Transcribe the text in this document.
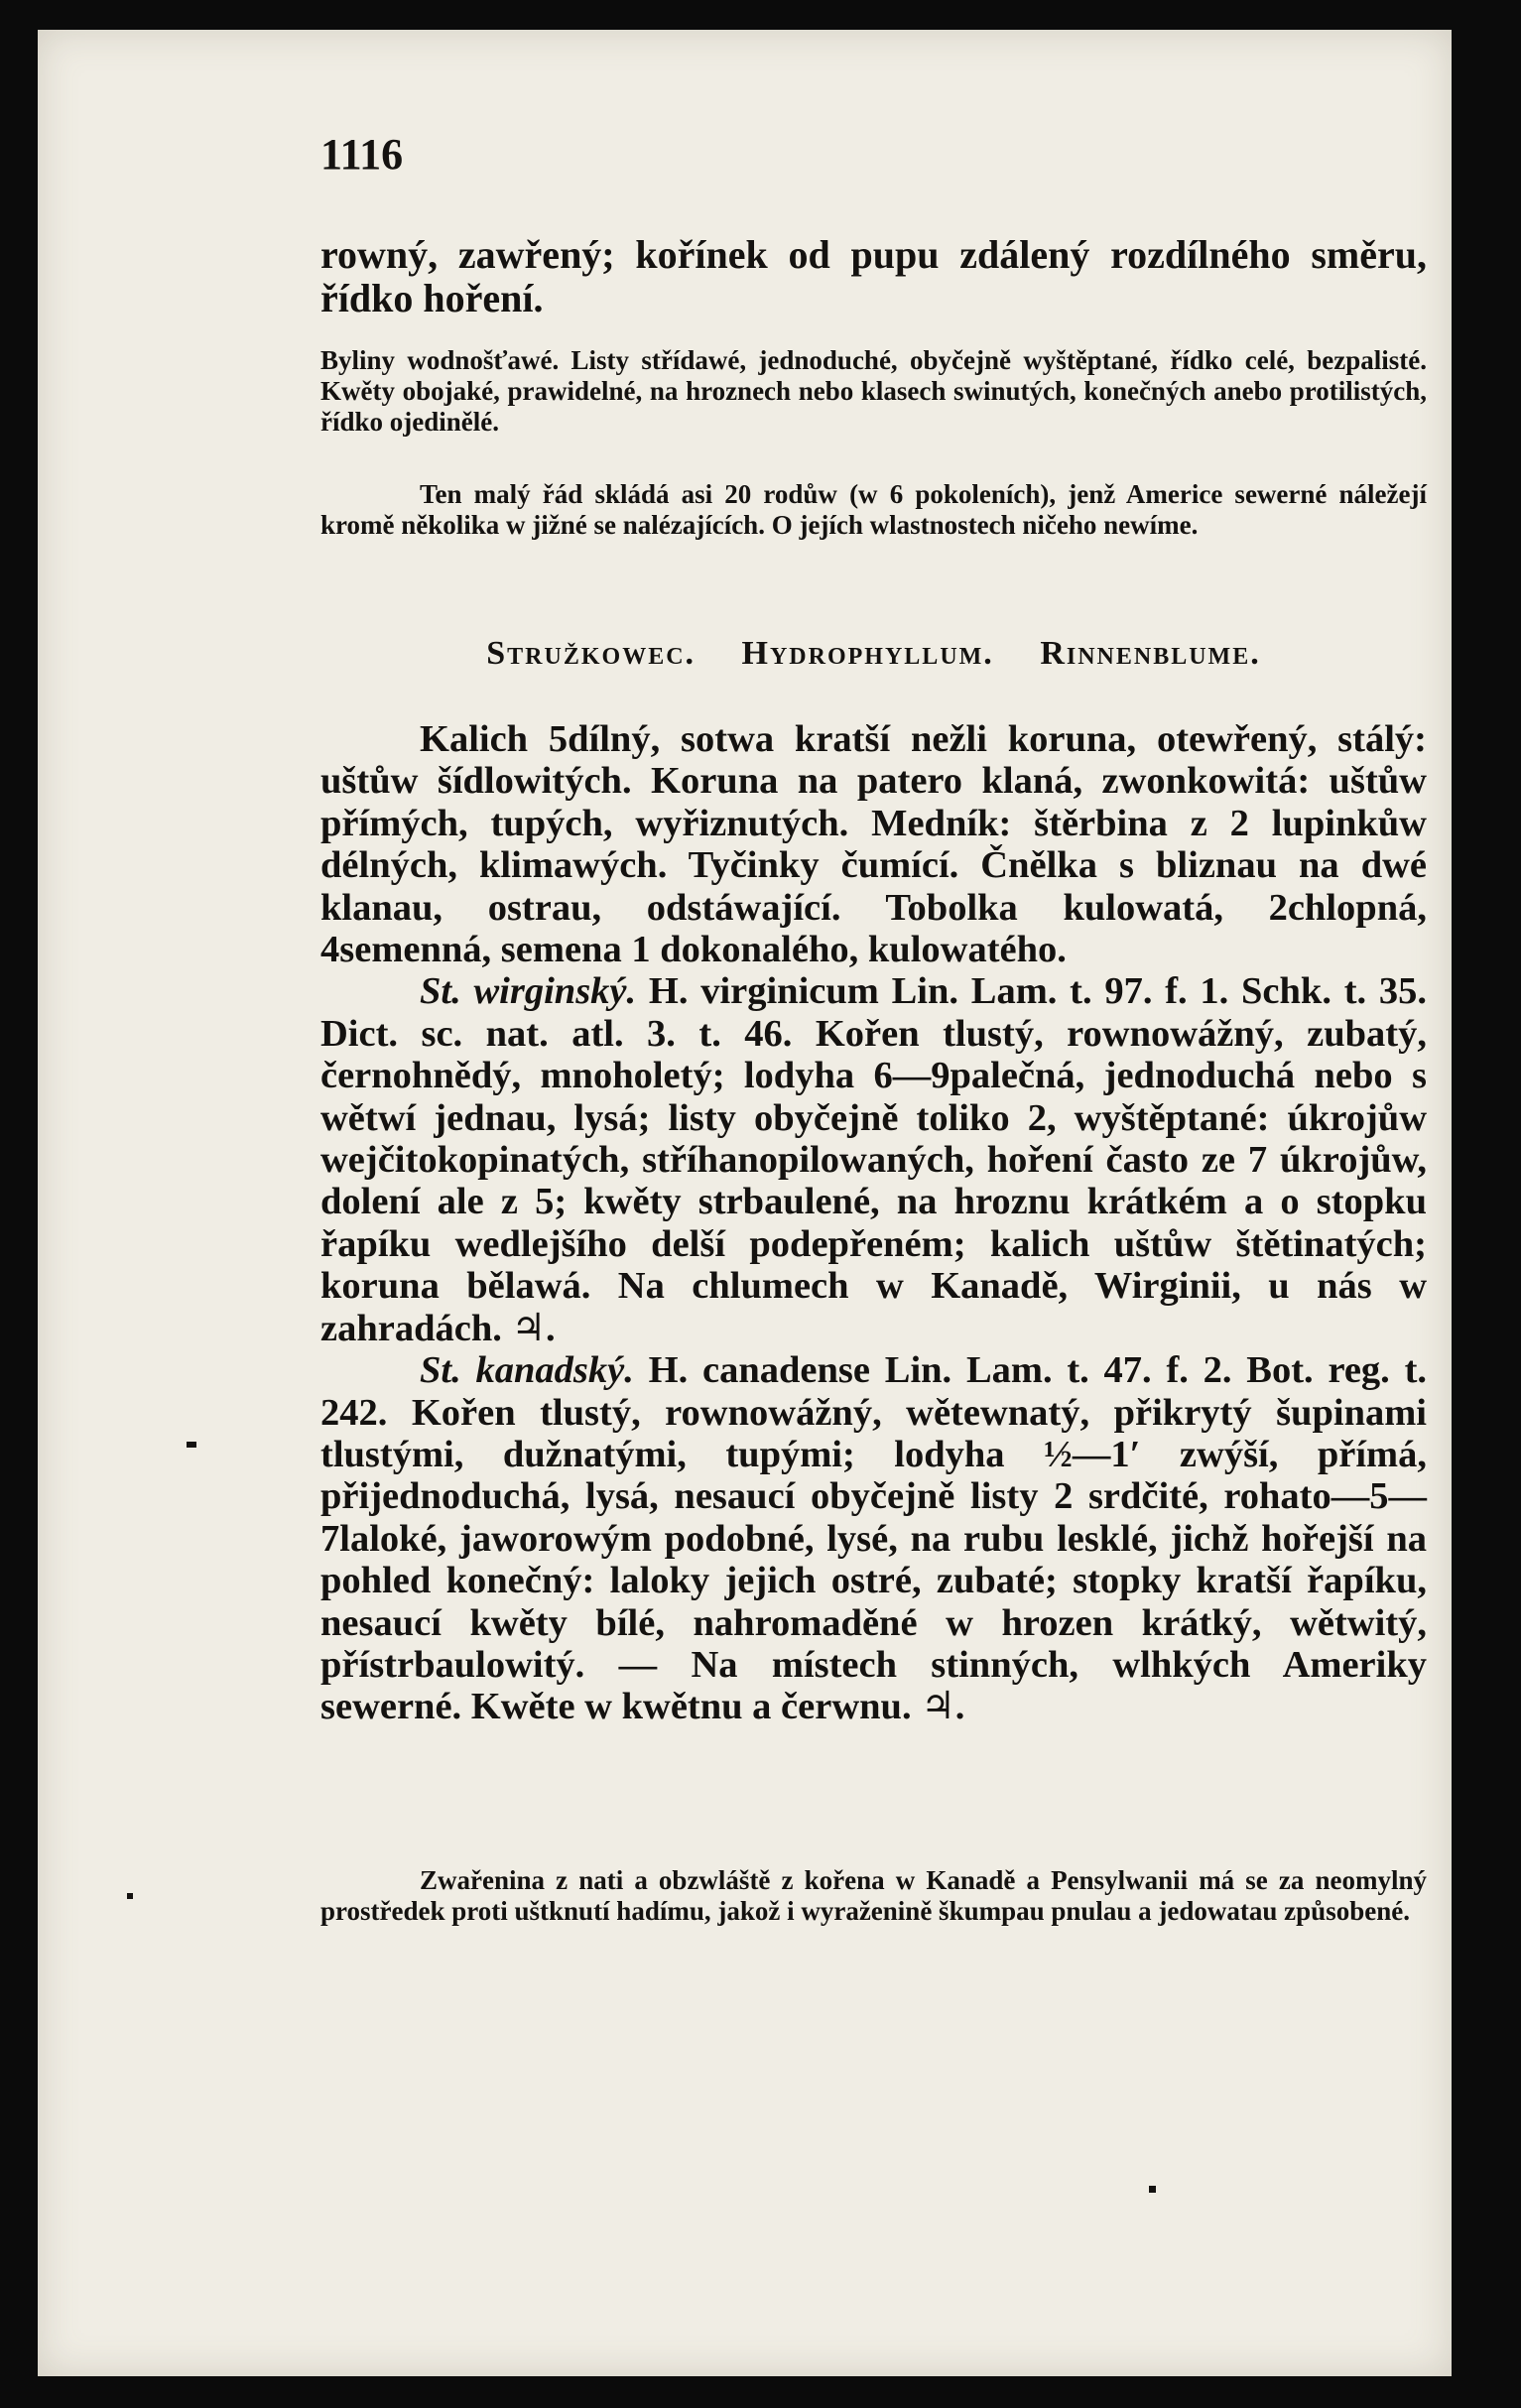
1116
rowný, zawřený; kořínek od pupu zdálený rozdílného směru, řídko hoření.

Byliny wodnošťawé. Listy střídawé, jednoduché, obyčejně wyštěptané, řídko celé, bezpalisté. Kwěty obojaké, prawidelné, na hroznech nebo klasech swinutých, konečných anebo protilistých, řídko ojedinělé.

Ten malý řád skládá asi 20 rodůw (w 6 pokoleních), jenž Americe sewerné náležejí kromě několika w jižné se nalézajících. O jejích wlastnostech ničeho newíme.

Stružkowec. Hydrophyllum. Rinnenblume.

Kalich 5dílný, sotwa kratší nežli koruna, otewřený, stálý: uštůw šídlowitých. Koruna na patero klaná, zwonkowitá: uštůw přímých, tupých, wyřiznutých. Medník: štěrbina z 2 lupinkůw délných, klimawých. Tyčinky čumící. Čnělka s bliznau na dwé klanau, ostrau, odstáwající. Tobolka kulowatá, 2chlopná, 4semenná, semena 1 dokonalého, kulowatého.

St. wirginský. H. virginicum Lin. Lam. t. 97. f. 1. Schk. t. 35. Dict. sc. nat. atl. 3. t. 46. Kořen tlustý, rownowážný, zubatý, černohnědý, mnoholetý; lodyha 6—9palečná, jednoduchá nebo s wětwí jednau, lysá; listy obyčejně toliko 2, wyštěptané: úkrojůw wejčitokopinatých, stříhanopilowaných, hoření často ze 7 úkrojůw, dolení ale z 5; kwěty strbaulené, na hroznu krátkém a o stopku řapíku wedlejšího delší podepřeném; kalich uštůw štětinatých; koruna bělawá. Na chlumech w Kanadě, Wirginii, u nás w zahradách. ♃.

St. kanadský. H. canadense Lin. Lam. t. 47. f. 2. Bot. reg. t. 242. Kořen tlustý, rownowážný, wětewnatý, přikrytý šupinami tlustými, dužnatými, tupými; lodyha ½—1′ zwýší, přímá, přijednoduchá, lysá, nesaucí obyčejně listy 2 srdčité, rohato—5—7laloké, jaworowým podobné, lysé, na rubu lesklé, jichž hořejší na pohled konečný: laloky jejich ostré, zubaté; stopky kratší řapíku, nesaucí kwěty bílé, nahromaděné w hrozen krátký, wětwitý, přístrbaulowitý. — Na místech stinných, wlhkých Ameriky sewerné. Kwěte w kwětnu a čerwnu. ♃.

Zwařenina z nati a obzwláště z kořena w Kanadě a Pensylwanii má se za neomylný prostředek proti uštknutí hadímu, jakož i wyraženině škumpau pnulau a jedowatau způsobené.
